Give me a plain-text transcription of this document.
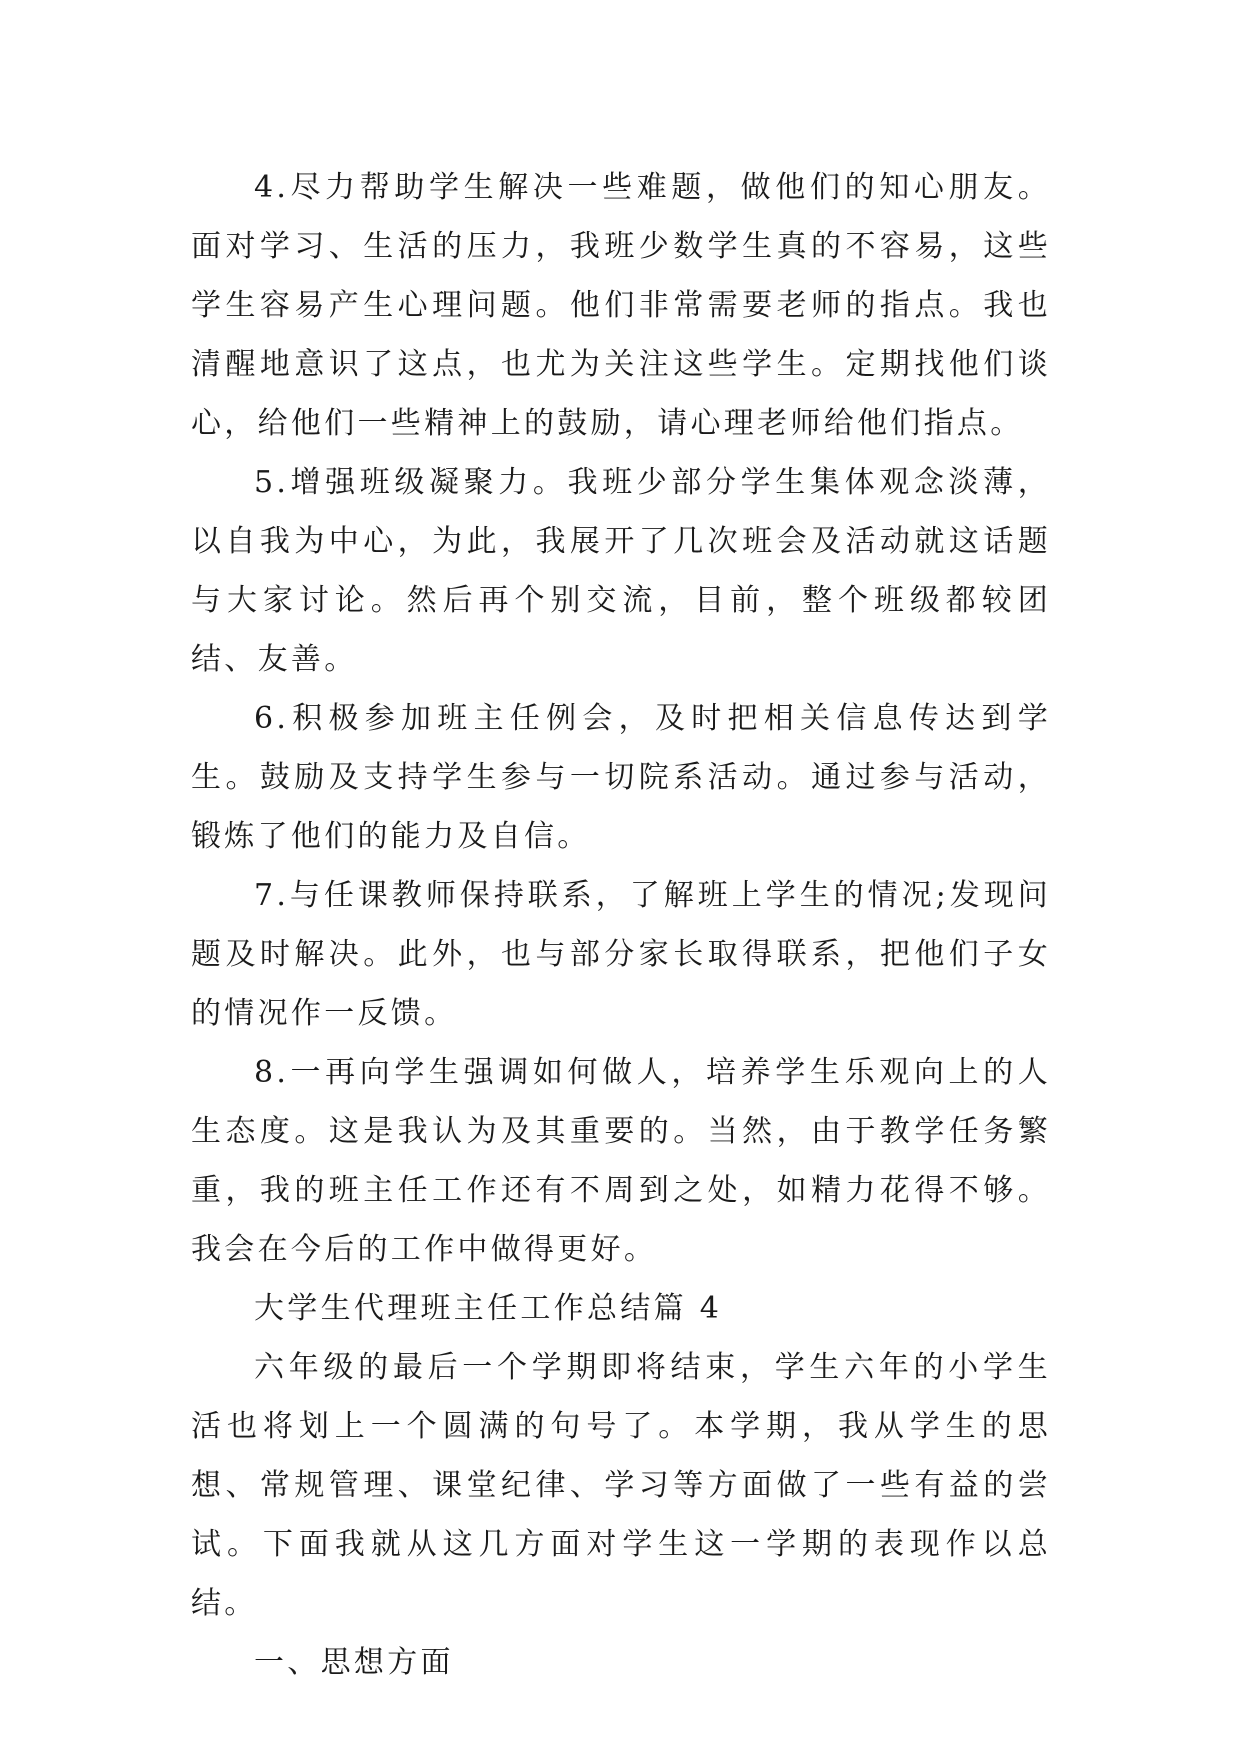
4.尽力帮助学生解决一些难题，做他们的知心朋友。面对学习、生活的压力，我班少数学生真的不容易，这些学生容易产生心理问题。他们非常需要老师的指点。我也清醒地意识了这点，也尤为关注这些学生。定期找他们谈心，给他们一些精神上的鼓励，请心理老师给他们指点。

5.增强班级凝聚力。我班少部分学生集体观念淡薄，以自我为中心，为此，我展开了几次班会及活动就这话题与大家讨论。然后再个别交流，目前，整个班级都较团结、友善。

6.积极参加班主任例会，及时把相关信息传达到学生。鼓励及支持学生参与一切院系活动。通过参与活动，锻炼了他们的能力及自信。

7.与任课教师保持联系，了解班上学生的情况;发现问题及时解决。此外，也与部分家长取得联系，把他们子女的情况作一反馈。

8.一再向学生强调如何做人，培养学生乐观向上的人生态度。这是我认为及其重要的。当然，由于教学任务繁重，我的班主任工作还有不周到之处，如精力花得不够。我会在今后的工作中做得更好。

大学生代理班主任工作总结篇 4

六年级的最后一个学期即将结束，学生六年的小学生活也将划上一个圆满的句号了。本学期，我从学生的思想、常规管理、课堂纪律、学习等方面做了一些有益的尝试。下面我就从这几方面对学生这一学期的表现作以总结。

一、思想方面
